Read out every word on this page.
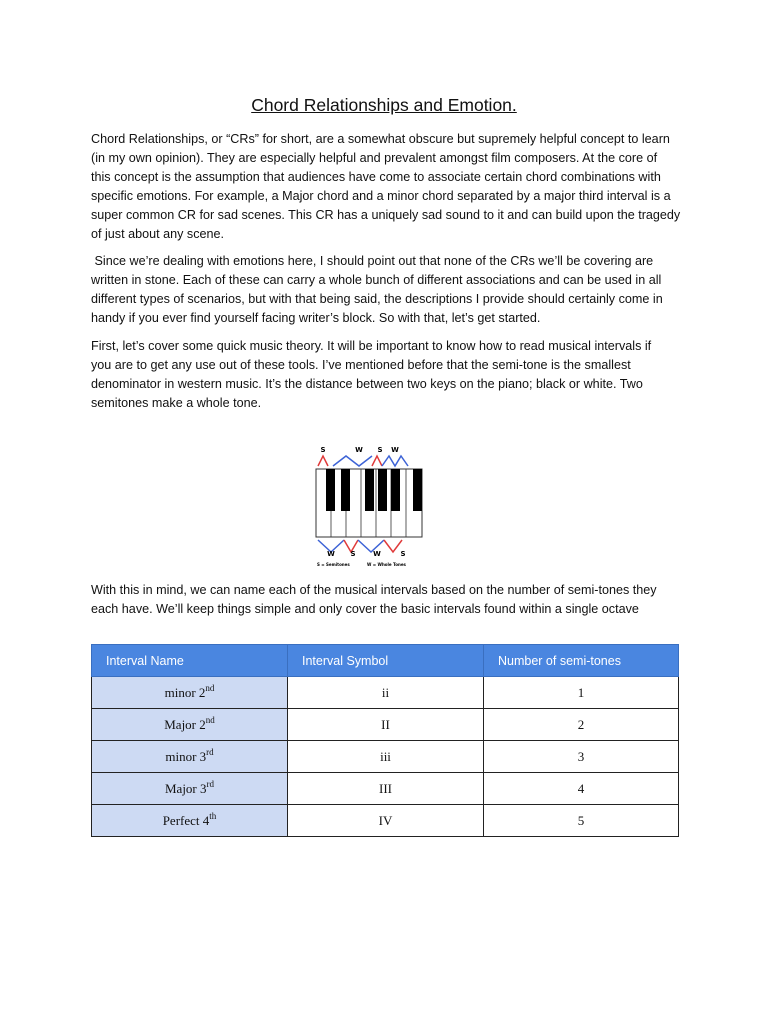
Chord Relationships and Emotion.

Chord Relationships, or “CRs” for short, are a somewhat obscure but supremely helpful concept to learn
(in my own opinion). They are especially helpful and prevalent amongst film composers. At the core of
this concept is the assumption that audiences have come to associate certain chord combinations with
specific emotions. For example, a Major chord and a minor chord separated by a major third interval is a
super common CR for sad scenes. This CR has a uniquely sad sound to it and can build upon the tragedy
of just about any scene.

Since we’re dealing with emotions here, I should point out that none of the CRs we’ll be covering are
written in stone. Each of these can carry a whole bunch of different associations and can be used in all
different types of scenarios, but with that being said, the descriptions I provide should certainly come in
handy if you ever find yourself facing writer’s block. So with that, let’s get started.

First, let’s cover some quick music theory. It will be important to know how to read musical intervals if
you are to get any use out of these tools. I’ve mentioned before that the semi-tone is the smallest
denominator in western music. It’s the distance between two keys on the piano; black or white. Two
semitones make a whole tone.

S	W S W
W S	W	S
S = Semitones	W = Whole Tones

With this in mind, we can name each of the musical intervals based on the number of semi-tones they
each have. We’ll keep things simple and only cover the basic intervals found within a single octave

Interval Name	Interval Symbol	Number of semi-tones
minor 2nd	ii	1
Major 2nd	II	2
minor 3rd	iii	3
Major 3rd	III	4
Perfect 4th	IV	5
